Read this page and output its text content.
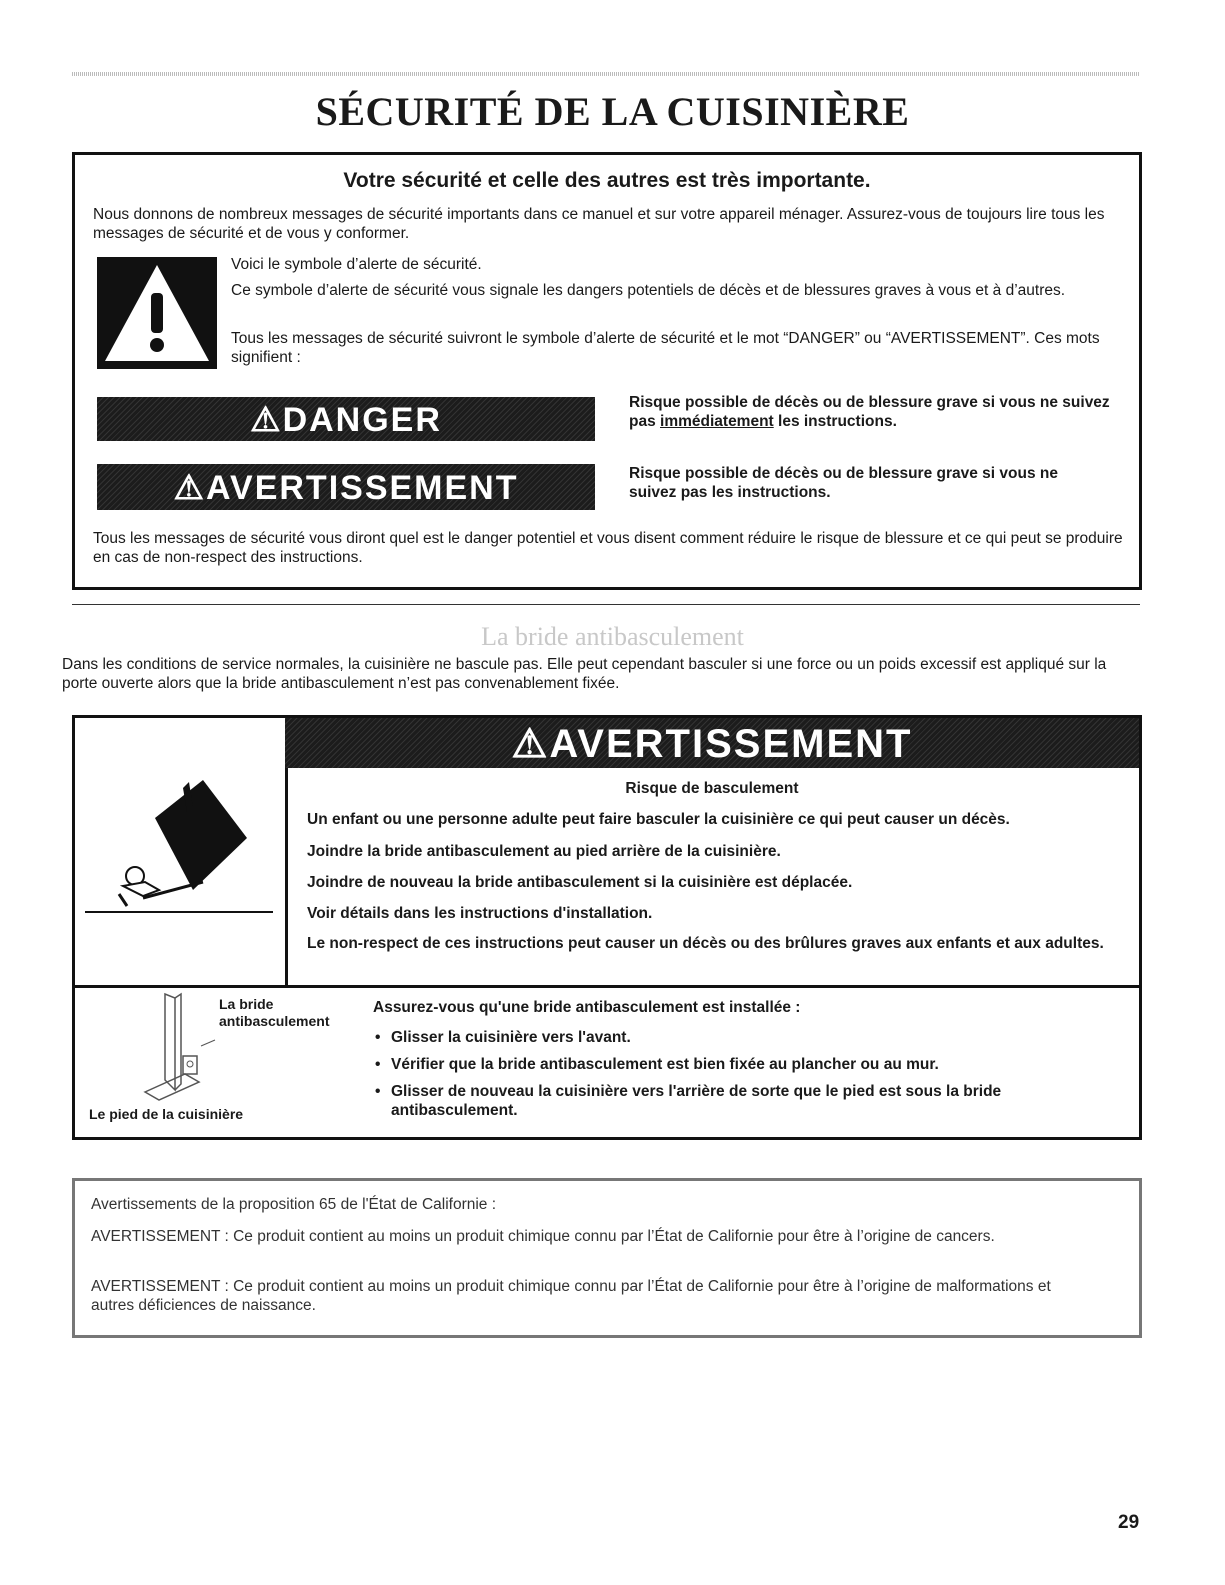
SÉCURITÉ DE LA CUISINIÈRE
Votre sécurité et celle des autres est très importante.
Nous donnons de nombreux messages de sécurité importants dans ce manuel et sur votre appareil ménager. Assurez-vous de toujours lire tous les messages de sécurité et de vous y conformer.
Voici le symbole d’alerte de sécurité.
Ce symbole d’alerte de sécurité vous signale les dangers potentiels de décès et de blessures graves à vous et à d’autres.
Tous les messages de sécurité suivront le symbole d’alerte de sécurité et le mot “DANGER” ou “AVERTISSEMENT”. Ces mots signifient :
⚠DANGER	Risque possible de décès ou de blessure grave si vous ne suivez pas immédiatement les instructions.
⚠AVERTISSEMENT	Risque possible de décès ou de blessure grave si vous ne suivez pas les instructions.
Tous les messages de sécurité vous diront quel est le danger potentiel et vous disent comment réduire le risque de blessure et ce qui peut se produire en cas de non-respect des instructions.
La bride antibasculement
Dans les conditions de service normales, la cuisinière ne bascule pas. Elle peut cependant basculer si une force ou un poids excessif est appliqué sur la porte ouverte alors que la bride antibasculement n’est pas convenablement fixée.
⚠AVERTISSEMENT
Risque de basculement
Un enfant ou une personne adulte peut faire basculer la cuisinière ce qui peut causer un décès.
Joindre la bride antibasculement au pied arrière de la cuisinière.
Joindre de nouveau la bride antibasculement si la cuisinière est déplacée.
Voir détails dans les instructions d'installation.
Le non-respect de ces instructions peut causer un décès ou des brûlures graves aux enfants et aux adultes.
La bride antibasculement
Le pied de la cuisinière
Assurez-vous qu'une bride antibasculement est installée :
• Glisser la cuisinière vers l'avant.
• Vérifier que la bride antibasculement est bien fixée au plancher ou au mur.
• Glisser de nouveau la cuisinière vers l'arrière de sorte que le pied est sous la bride antibasculement.
Avertissements de la proposition 65 de l'État de Californie :
AVERTISSEMENT : Ce produit contient au moins un produit chimique connu par l’État de Californie pour être à l’origine de cancers.
AVERTISSEMENT : Ce produit contient au moins un produit chimique connu par l’État de Californie pour être à l’origine de malformations et autres déficiences de naissance.
29
